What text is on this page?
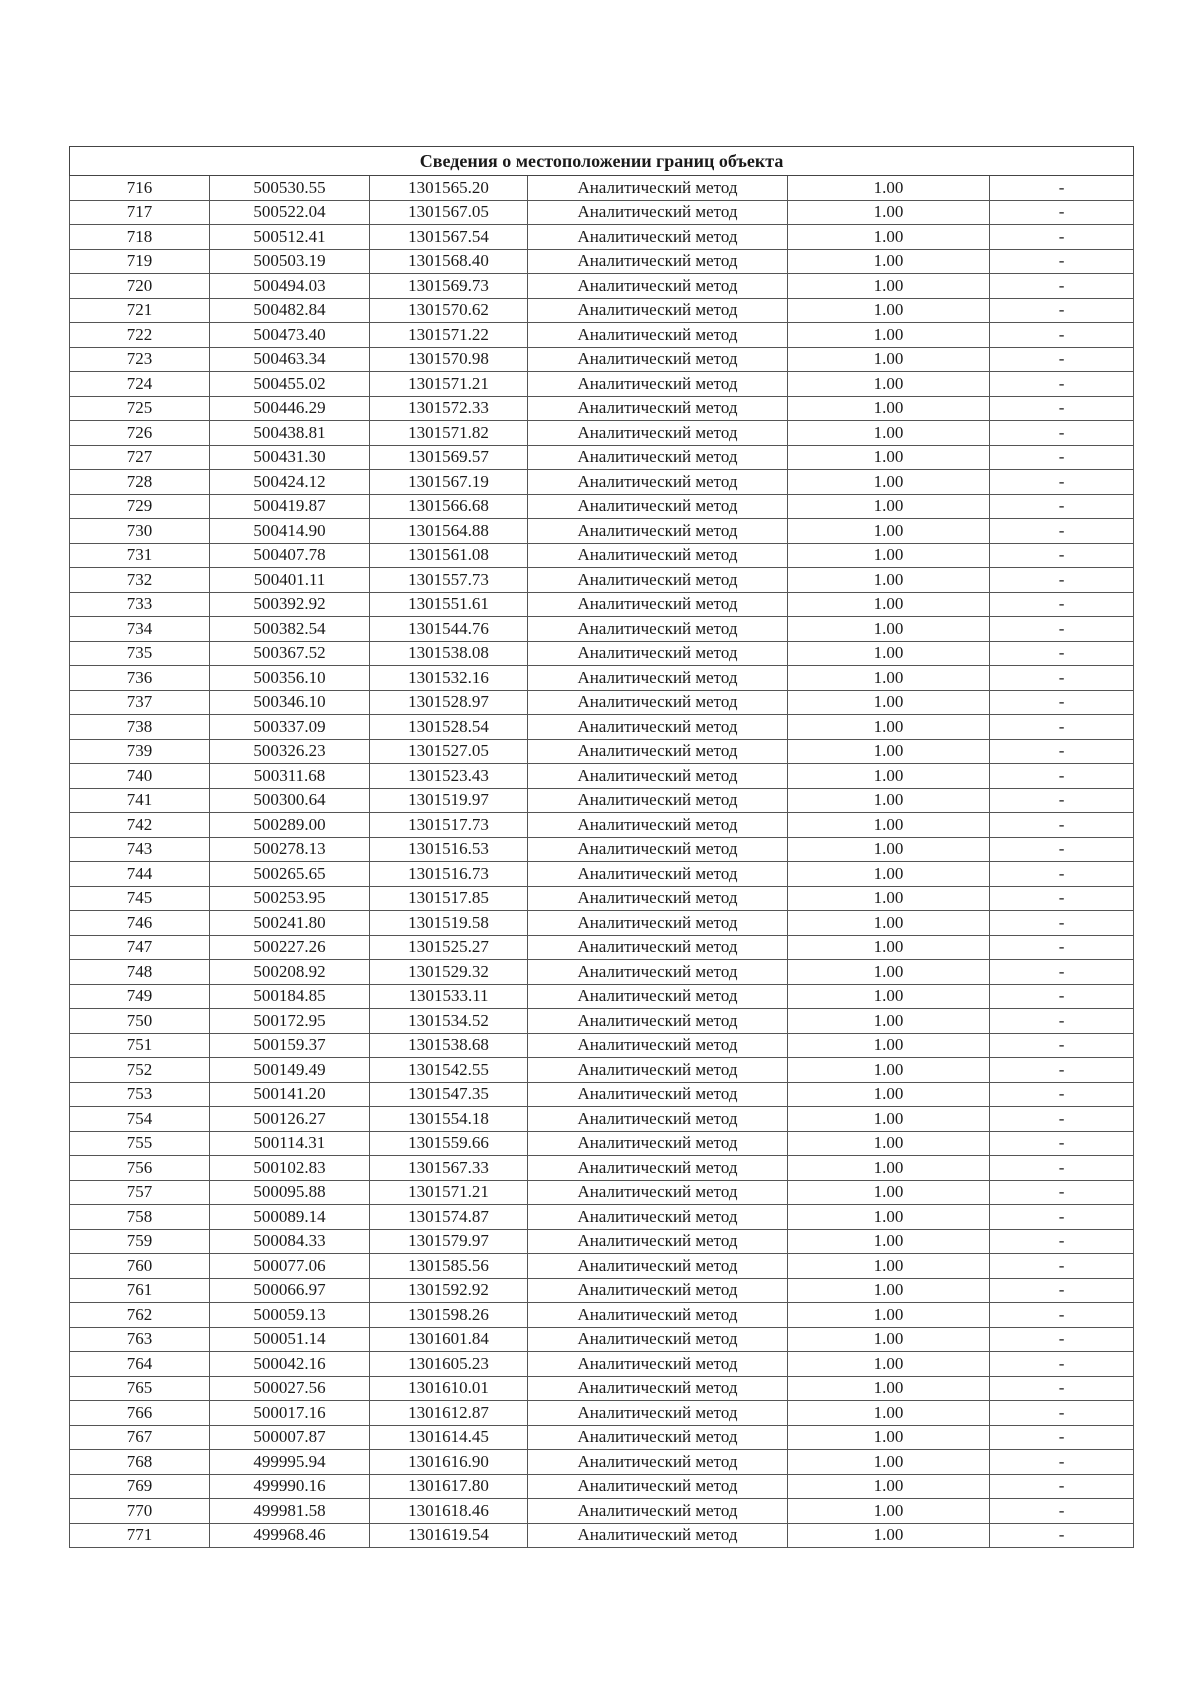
Сведения о местоположении границ объекта					
716	500530.55	1301565.20	Аналитический метод	1.00	-
717	500522.04	1301567.05	Аналитический метод	1.00	-
718	500512.41	1301567.54	Аналитический метод	1.00	-
719	500503.19	1301568.40	Аналитический метод	1.00	-
720	500494.03	1301569.73	Аналитический метод	1.00	-
721	500482.84	1301570.62	Аналитический метод	1.00	-
722	500473.40	1301571.22	Аналитический метод	1.00	-
723	500463.34	1301570.98	Аналитический метод	1.00	-
724	500455.02	1301571.21	Аналитический метод	1.00	-
725	500446.29	1301572.33	Аналитический метод	1.00	-
726	500438.81	1301571.82	Аналитический метод	1.00	-
727	500431.30	1301569.57	Аналитический метод	1.00	-
728	500424.12	1301567.19	Аналитический метод	1.00	-
729	500419.87	1301566.68	Аналитический метод	1.00	-
730	500414.90	1301564.88	Аналитический метод	1.00	-
731	500407.78	1301561.08	Аналитический метод	1.00	-
732	500401.11	1301557.73	Аналитический метод	1.00	-
733	500392.92	1301551.61	Аналитический метод	1.00	-
734	500382.54	1301544.76	Аналитический метод	1.00	-
735	500367.52	1301538.08	Аналитический метод	1.00	-
736	500356.10	1301532.16	Аналитический метод	1.00	-
737	500346.10	1301528.97	Аналитический метод	1.00	-
738	500337.09	1301528.54	Аналитический метод	1.00	-
739	500326.23	1301527.05	Аналитический метод	1.00	-
740	500311.68	1301523.43	Аналитический метод	1.00	-
741	500300.64	1301519.97	Аналитический метод	1.00	-
742	500289.00	1301517.73	Аналитический метод	1.00	-
743	500278.13	1301516.53	Аналитический метод	1.00	-
744	500265.65	1301516.73	Аналитический метод	1.00	-
745	500253.95	1301517.85	Аналитический метод	1.00	-
746	500241.80	1301519.58	Аналитический метод	1.00	-
747	500227.26	1301525.27	Аналитический метод	1.00	-
748	500208.92	1301529.32	Аналитический метод	1.00	-
749	500184.85	1301533.11	Аналитический метод	1.00	-
750	500172.95	1301534.52	Аналитический метод	1.00	-
751	500159.37	1301538.68	Аналитический метод	1.00	-
752	500149.49	1301542.55	Аналитический метод	1.00	-
753	500141.20	1301547.35	Аналитический метод	1.00	-
754	500126.27	1301554.18	Аналитический метод	1.00	-
755	500114.31	1301559.66	Аналитический метод	1.00	-
756	500102.83	1301567.33	Аналитический метод	1.00	-
757	500095.88	1301571.21	Аналитический метод	1.00	-
758	500089.14	1301574.87	Аналитический метод	1.00	-
759	500084.33	1301579.97	Аналитический метод	1.00	-
760	500077.06	1301585.56	Аналитический метод	1.00	-
761	500066.97	1301592.92	Аналитический метод	1.00	-
762	500059.13	1301598.26	Аналитический метод	1.00	-
763	500051.14	1301601.84	Аналитический метод	1.00	-
764	500042.16	1301605.23	Аналитический метод	1.00	-
765	500027.56	1301610.01	Аналитический метод	1.00	-
766	500017.16	1301612.87	Аналитический метод	1.00	-
767	500007.87	1301614.45	Аналитический метод	1.00	-
768	499995.94	1301616.90	Аналитический метод	1.00	-
769	499990.16	1301617.80	Аналитический метод	1.00	-
770	499981.58	1301618.46	Аналитический метод	1.00	-
771	499968.46	1301619.54	Аналитический метод	1.00	-
